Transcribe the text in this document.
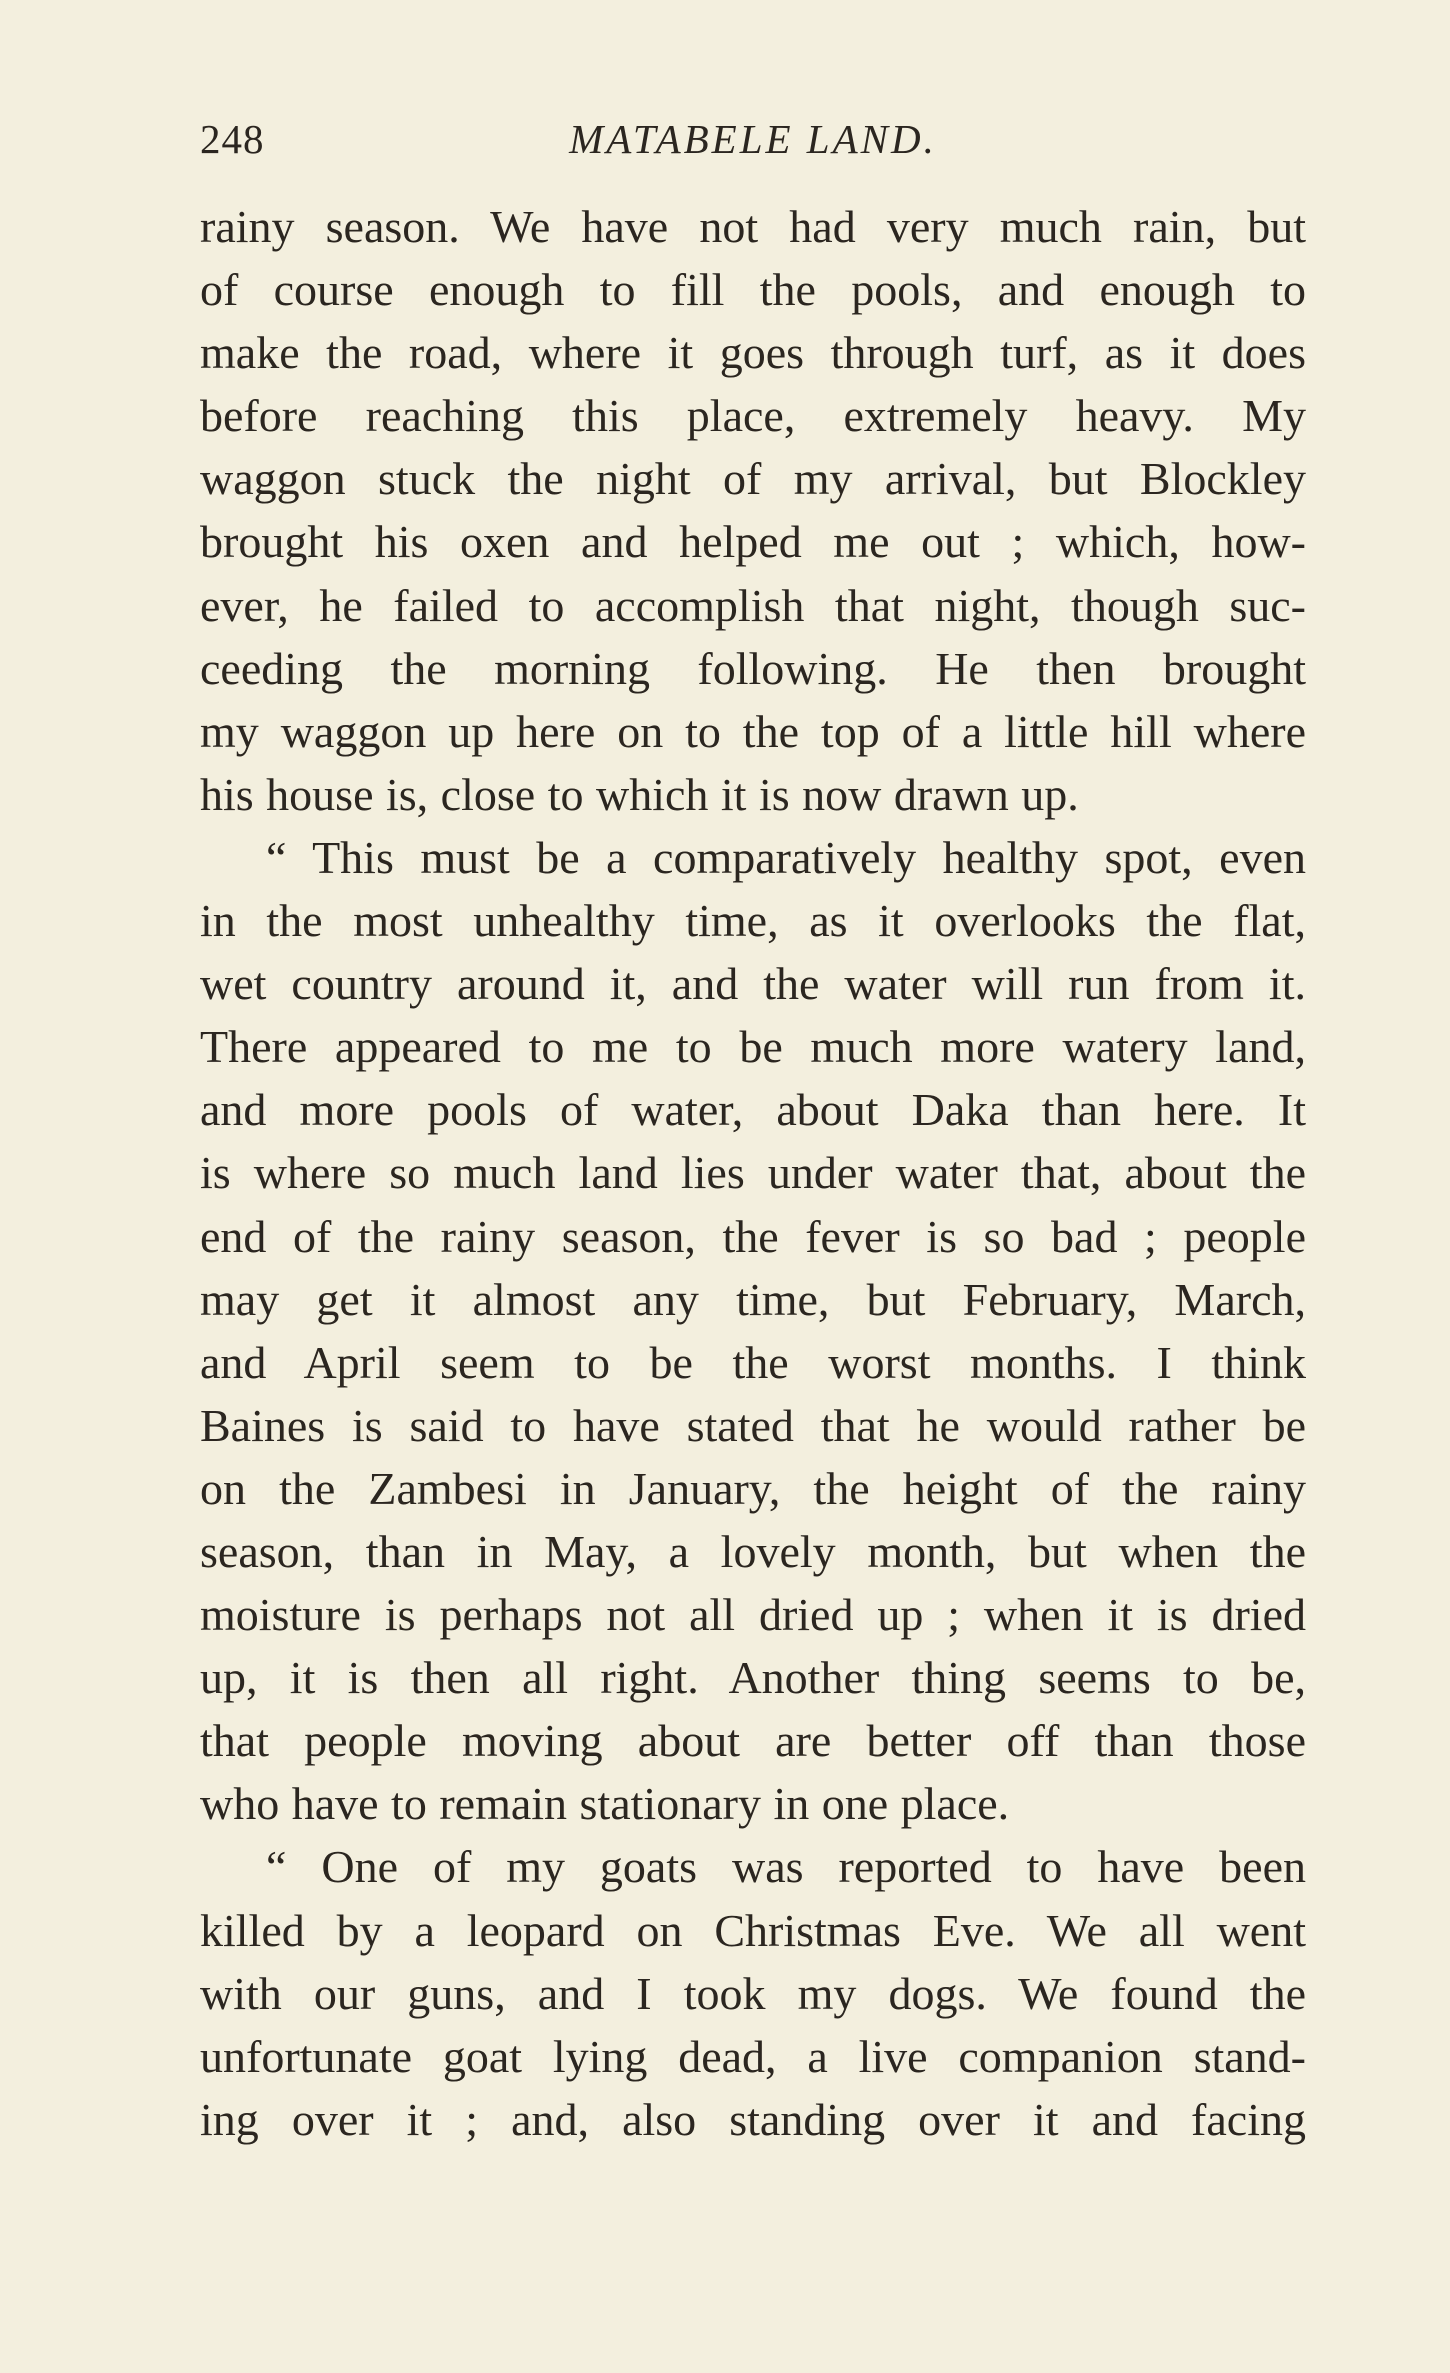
248	MATABELE LAND.
rainy season. We have not had very much rain, but
of course enough to fill the pools, and enough to
make the road, where it goes through turf, as it does
before reaching this place, extremely heavy. My
waggon stuck the night of my arrival, but Blockley
brought his oxen and helped me out ; which, how-
ever, he failed to accomplish that night, though suc-
ceeding the morning following. He then brought
my waggon up here on to the top of a little hill where
his house is, close to which it is now drawn up.
“ This must be a comparatively healthy spot, even
in the most unhealthy time, as it overlooks the flat,
wet country around it, and the water will run from it.
There appeared to me to be much more watery land,
and more pools of water, about Daka than here. It
is where so much land lies under water that, about the
end of the rainy season, the fever is so bad ; people
may get it almost any time, but February, March,
and April seem to be the worst months. I think
Baines is said to have stated that he would rather be
on the Zambesi in January, the height of the rainy
season, than in May, a lovely month, but when the
moisture is perhaps not all dried up ; when it is dried
up, it is then all right. Another thing seems to be,
that people moving about are better off than those
who have to remain stationary in one place.
“ One of my goats was reported to have been
killed by a leopard on Christmas Eve. We all went
with our guns, and I took my dogs. We found the
unfortunate goat lying dead, a live companion stand-
ing over it ; and, also standing over it and facing
